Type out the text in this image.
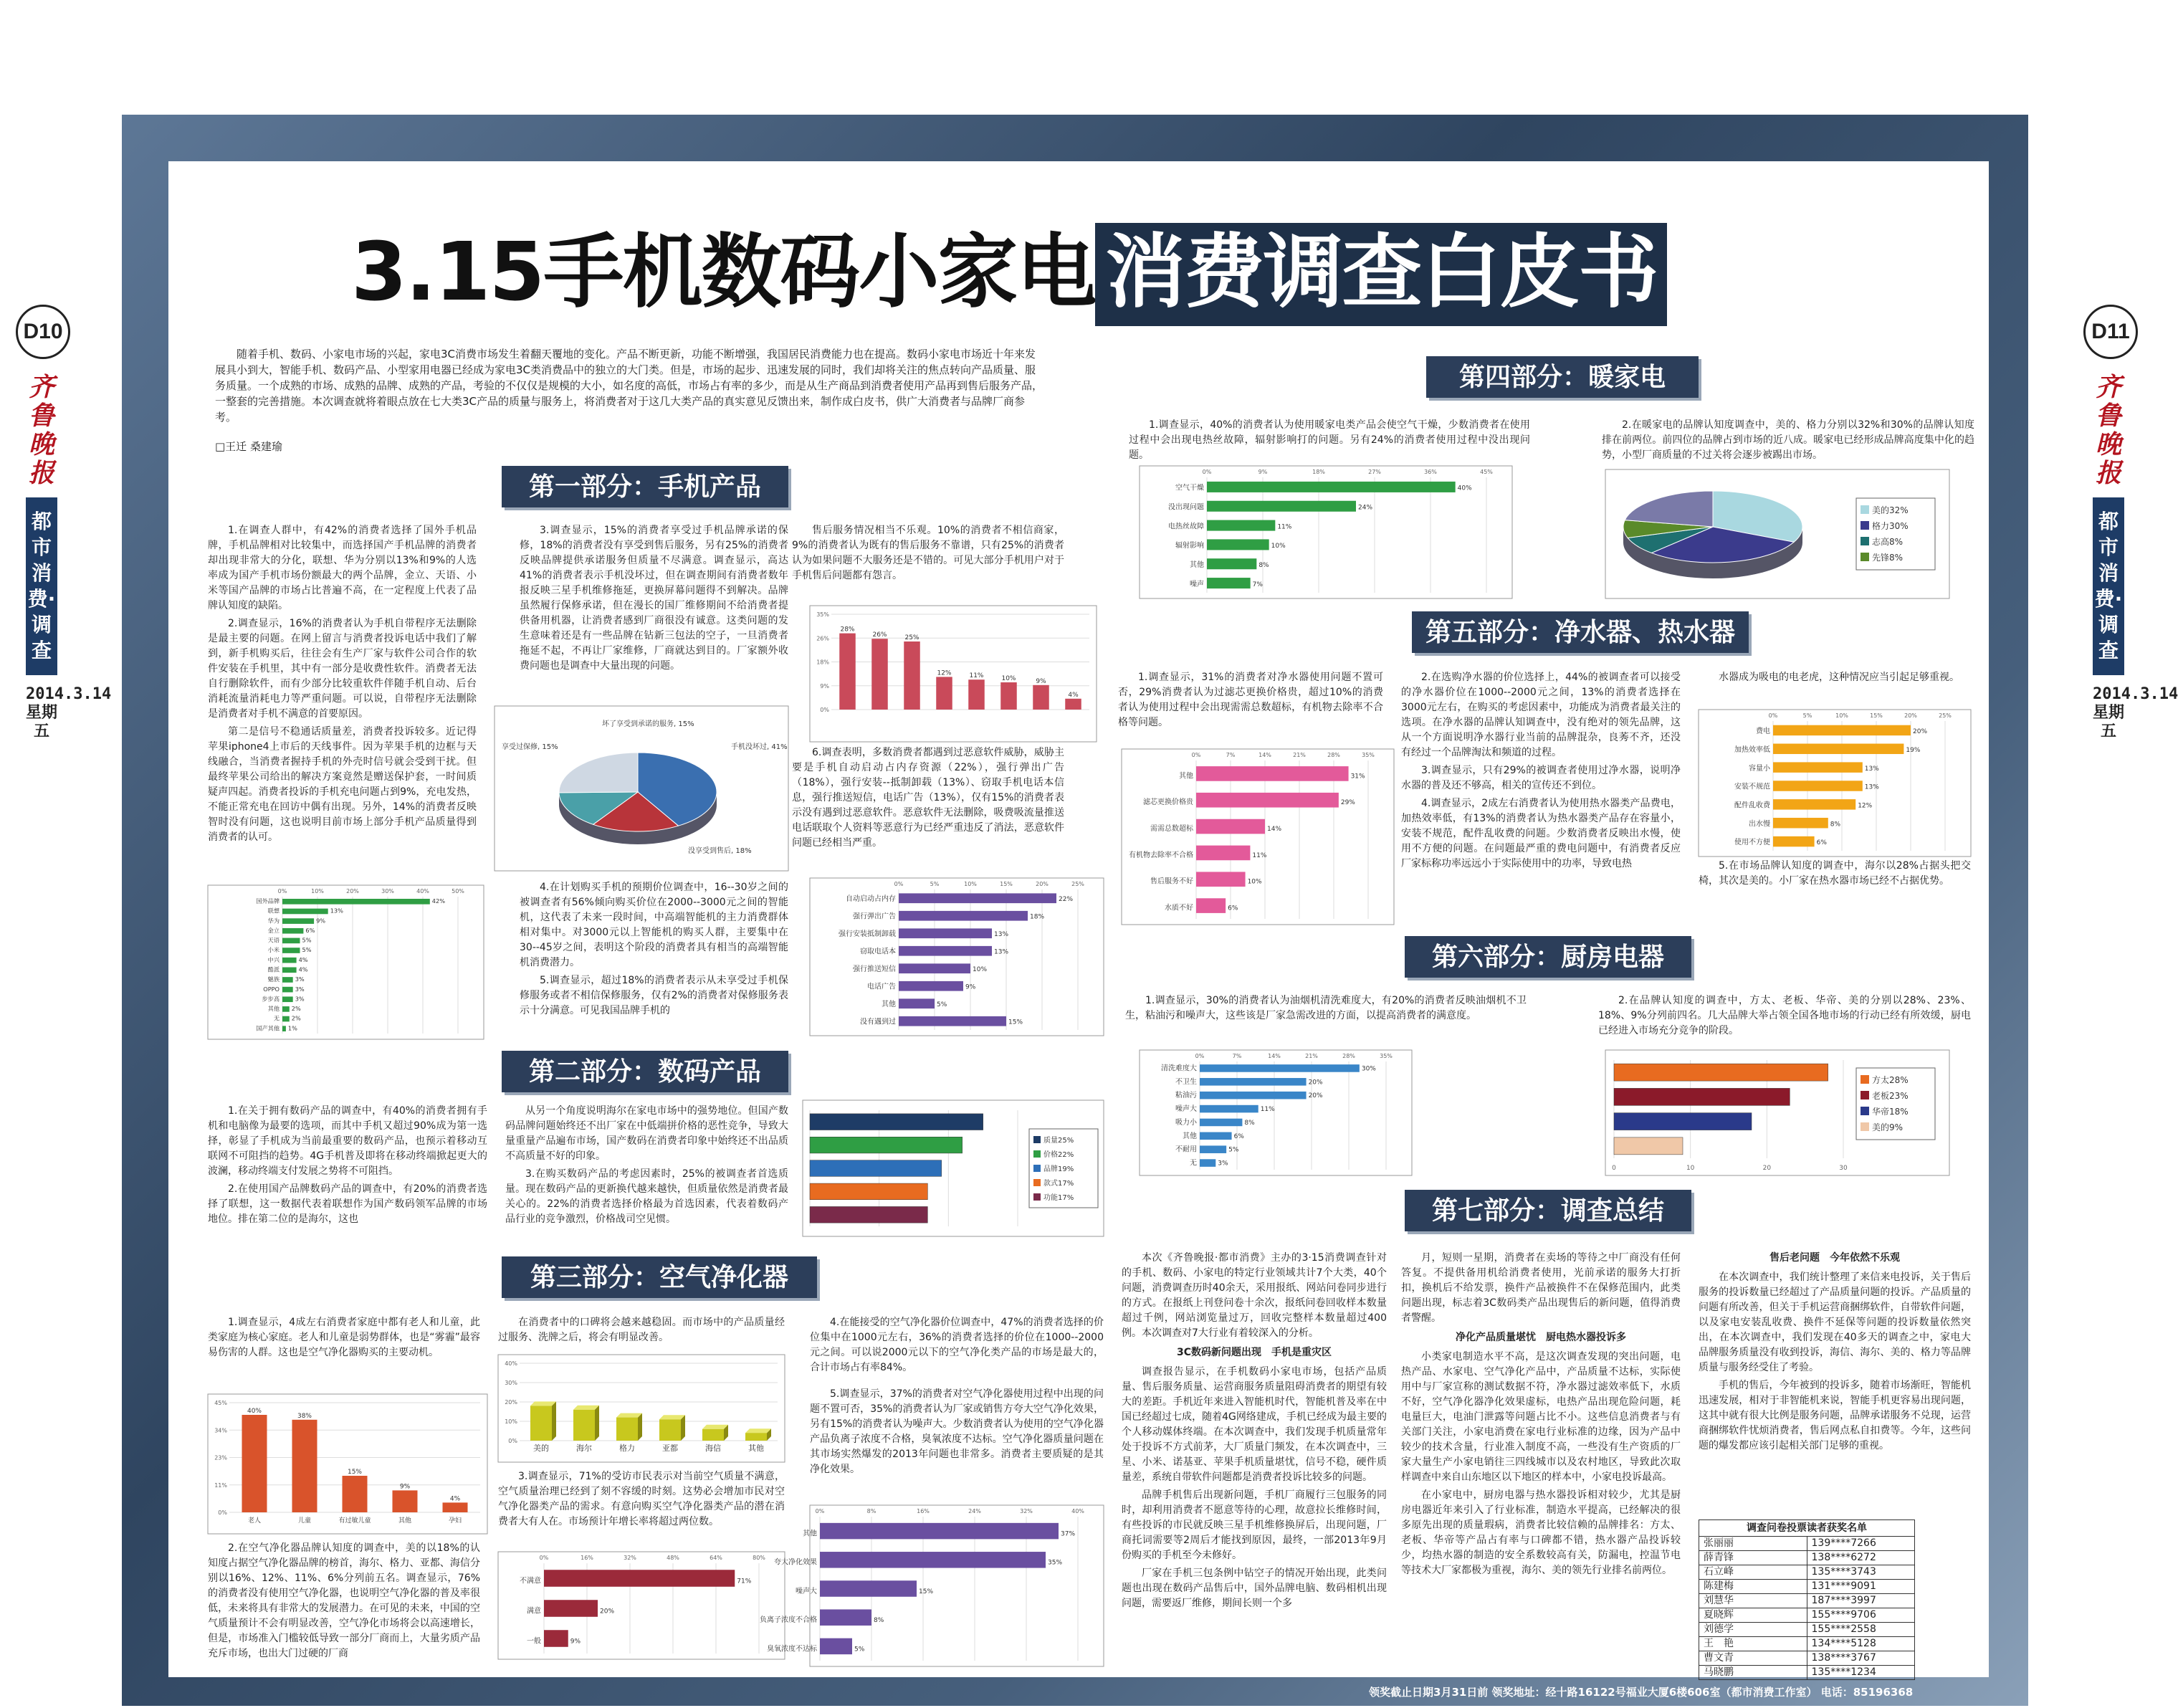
D10
齐鲁晚报
都市消费·调查
2014.3.14 星期五
D11
齐鲁晚报
都市消费·调查
2014.3.14 星期五
3.15手机数码小家电 消费调查白皮书
随着手机、数码、小家电市场的兴起，家电3C消费市场发生着翻天覆地的变化。产品不断更新，功能不断增强，我国居民消费能力也在提高。数码小家电市场近十年来发展具小到大，智能手机、数码产品、小型家用电器已经成为家电3C类消费品中的独立的大门类。但是，市场的起步、迅速发展的同时，我们却将关注的焦点转向产品质量、服务质量。一个成熟的市场、成熟的品牌、成熟的产品，考验的不仅仅是规模的大小，如名度的高低，市场占有率的多少，而是从生产商品到消费者使用产品再到售后服务产品，一整套的完善措施。本次调查就将着眼点放在七大类3C产品的质量与服务上，将消费者对于这几大类产品的真实意见反馈出来，制作成白皮书，供广大消费者与品牌厂商参考。
□王迁 桑建瑜
第一部分：手机产品
第二部分：数码产品
第三部分：空气净化器
第四部分：暖家电
第五部分：净水器、热水器
第六部分：厨房电器
第七部分：调查总结

1.在调查人群中，有42%的消费者选择了国外手机品牌，手机品牌相对比较集中，而选择国产手机品牌的消费者却出现非常大的分化，联想、华为分别以13%和9%的人选率成为国产手机市场份额最大的两个品牌，金立、天语、小米等国产品牌的市场占比普遍不高，在一定程度上代表了品牌认知度的缺陷。

2.调查显示，16%的消费者认为手机自带程序无法删除是最主要的问题。在网上留言与消费者投诉电话中我们了解到，新手机购买后，往往会有生产厂家与软件公司合作的软件安装在手机里，其中有一部分是收费性软件。消费者无法自行删除软件，而有少部分比较重软件伴随手机自动、后台消耗流量消耗电力等严重问题。可以说，自带程序无法删除是消费者对手机不满意的首要原因。

第二是信号不稳通话质量差，消费者投诉较多。近记得苹果iphone4上市后的天线事件。因为苹果手机的边框与天线融合，当消费者握持手机的外壳时信号就会受到干扰。但最终苹果公司给出的解决方案竟然是赠送保护套，一时间质疑声四起。消费者投诉的手机充电问题占到9%，充电发热，不能正常充电在回访中偶有出现。另外，14%的消费者反映智时没有问题，这也说明目前市场上部分手机产品质量得到消费者的认可。

3.调查显示，15%的消费者享受过手机品牌承诺的保修，18%的消费者没有享受到售后服务，另有25%的消费者反映品牌提供承诺服务但质量不尽满意。调查显示，高达41%的消费者表示手机没坏过，但在调查期间有消费者数年报反映三星手机维修拖延，更换屏幕问题得不到解决。品牌虽然履行保修承诺，但在漫长的国厂维修期间不给消费者提供备用机器，让消费者感到厂商很没有诚意。这类问题的发生意味着还是有一些品牌在钻新三包法的空子，一旦消费者拖延不起，不再让厂家维修，厂商就达到目的。厂家额外收费问题也是调查中大量出现的问题。

4.在计划购买手机的预期价位调查中，16--30岁之间的被调查者有56%倾向购买价位在2000--3000元之间的智能机，这代表了未来一段时间，中高端智能机的主力消费群体相对集中。对3000元以上智能机的购买人群，主要集中在30--45岁之间，表明这个阶段的消费者具有相当的高端智能机消费潜力。

5.调查显示，超过18%的消费者表示从未享受过手机保修服务或者不相信保修服务，仅有2%的消费者对保修服务表示十分满意。可见我国品牌手机的

售后服务情况相当不乐观。10%的消费者不相信商家，9%的消费者认为既有的售后服务不靠谱，只有25%的消费者认为如果问题不大服务还是不错的。可见大部分手机用户对于手机售后问题都有怨言。

6.调查表明，多数消费者都遇到过恶意软件威胁，威胁主要是手机自动启动占内存资源（22%），强行弹出广告（18%），强行安装--抵制卸载（13%）、窃取手机电话本信息，强行推送短信，电话广告（13%），仅有15%的消费者表示没有遇到过恶意软件。恶意软件无法删除，吸费吸流量推送电话联取个人资料等恶意行为已经严重违反了消法，恶意软件问题已经相当严重。

1.在关于拥有数码产品的调查中，有40%的消费者拥有手机和电脑像为最要的选项，而其中手机又超过90%成为第一选择，彰显了手机成为当前最重要的数码产品，也预示着移动互联网不可阻挡的趋势。4G手机普及即将在移动终端掀起更大的波澜，移动终端支付发展之势将不可阻挡。

2.在使用国产品牌数码产品的调查中，有20%的消费者选择了联想，这一数据代表着联想作为国产数码领军品牌的市场地位。排在第二位的是海尔，这也

从另一个角度说明海尔在家电市场中的强势地位。但国产数码品牌问题始终还不出厂家在中低端拼价格的恶性竞争，导致大量重量产品遍布市场，国产数码在消费者印象中始终还不出品质不高质量不好的印象。

3.在购买数码产品的考虑因素时，25%的被调查者首选质量。现在数码产品的更新换代越来越快，但质量依然是消费者最关心的。22%的消费者选择价格最为首选因素，代表着数码产品行业的竞争激烈，价格战司空见惯。

1.调查显示，4成左右消费者家庭中都有老人和儿童，此类家庭为核心家庭。老人和儿童是弱势群体，也是“雾霾”最容易伤害的人群。这也是空气净化器购买的主要动机。

2.在空气净化器品牌认知度的调查中，美的以18%的认知度占据空气净化器品牌的榜首，海尔、格力、亚都、海信分别以16%、12%、11%、6%分列前五名。调查显示，76%的消费者没有使用空气净化器，也说明空气净化器的普及率很低，未来将具有非常大的发展潜力。在可见的未来，中国的空气质量预计不会有明显改善，空气净化市场将会以高速增长，但是，市场准入门槛较低导致一部分厂商而上，大量劣质产品充斥市场，也出大门过硬的厂商

在消费者中的口碑将会越来越稳固。而市场中的产品质量经过服务、洗牌之后，将会有明显改善。

3.调查显示，71%的受访市民表示对当前空气质量不满意，空气质量治理已经到了刻不容缓的时刻。这势必会增加市民对空气净化器类产品的需求。有意向购买空气净化器类产品的潜在消费者大有人在。市场预计年增长率将超过两位数。

4.在能接受的空气净化器价位调查中，47%的消费者选择的价位集中在1000元左右，36%的消费者选择的价位在1000--2000元之间。可以说2000元以下的空气净化类产品的市场是最大的，合计市场占有率84%。

5.调查显示，37%的消费者对空气净化器使用过程中出现的问题不置可否，35%的消费者认为厂家或销售方夸大空气净化效果，另有15%的消费者认为噪声大。少数消费者认为使用的空气净化器产品负离子浓度不合格，臭氧浓度不达标。空气净化器质量问题在其市场实然爆发的2013年问题也非常多。消费者主要质疑的是其净化效果。

1.调查显示，40%的消费者认为使用暖家电类产品会使空气干燥，少数消费者在使用过程中会出现电热丝故障，辐射影响打的问题。另有24%的消费者使用过程中没出现问题。

2.在暖家电的品牌认知度调查中，美的、格力分别以32%和30%的品牌认知度排在前两位。前四位的品牌占到市场的近八成。暖家电已经形成品牌高度集中化的趋势，小型厂商质量的不过关将会逐步被踢出市场。

1.调查显示，31%的消费者对净水器使用问题不置可否，29%消费者认为过滤芯更换价格贵，超过10%的消费者认为使用过程中会出现需需总数超标，有机物去除率不合格等问题。

2.在选购净水器的价位选择上，44%的被调查者可以接受的净水器价位在1000--2000元之间，13%的消费者选择在3000元左右，在购买的考虑因素中，功能成为消费者最关注的选项。在净水器的品牌认知调查中，没有绝对的领先品牌，这从一个方面说明净水器行业当前的品牌混杂，良莠不齐，还没有经过一个品牌淘汰和频道的过程。

3.调查显示，只有29%的被调查者使用过净水器，说明净水器的普及还不够高，相关的宣传还不到位。

4.调查显示，2成左右消费者认为使用热水器类产品费电，加热效率低，有13%的消费者认为热水器类产品存在容量小，安装不规范，配件乱收费的问题。少数消费者反映出水慢，使用不方便的问题。在问题最严重的费电问题中，有消费者反应厂家标称功率远远小于实际使用中的功率，导致电热

水器成为吸电的电老虎，这种情况应当引起足够重视。

5.在市场品牌认知度的调查中，海尔以28%占据头把交椅，其次是美的。小厂家在热水器市场已经不占据优势。

1.调查显示，30%的消费者认为油烟机清洗难度大，有20%的消费者反映油烟机不卫生，粘油污和噪声大，这些该是厂家急需改进的方面，以提高消费者的满意度。

2.在品牌认知度的调查中，方太、老板、华帝、美的分别以28%、23%、18%、9%分列前四名。几大品牌大举占领全国各地市场的行动已经有所效缓，厨电已经进入市场充分竞争的阶段。

本次《齐鲁晚报·都市消费》主办的3·15消费调查针对的手机、数码、小家电的特定行业领域共计7个大类，40个问题，消费调查历时40余天，采用报纸、网站问卷同步进行的方式。在报纸上刊登问卷十余次，报纸问卷回收样本数量超过千例，网站浏览量过万，回收完整样本数量超过400例。本次调查对7大行业有着较深入的分析。

3C数码新问题出现　手机是重灾区

调查报告显示，在手机数码小家电市场，包括产品质量、售后服务质量、运营商服务质量阻碍消费者的期望有较大的差距。手机近年来进入智能机时代，智能机普及率在中国已经超过七成，随着4G网络建成，手机已经成为最主要的个人移动媒体终端。在本次调查中，我们发现手机质量常年处于投诉不方式前茅，大厂质量门频发，在本次调查中，三星、小米、诺基亚、苹果手机质量堪忧，信号不稳，硬件质量差，系统自带软件问题都是消费者投诉比较多的问题。

品牌手机售后出现新问题，手机厂商履行三包服务的同时，却利用消费者不愿意等待的心理，故意拉长维修时间，有些投诉的市民就反映三星手机维修换屏后，出现问题，厂商托词需要等2周后才能找到原因，最终，一部2013年9月份购买的手机至今未修好。

厂家在手机三包条例中钻空子的情况开始出现，此类问题也出现在数码产品售后中，国外品牌电脑、数码相机出现问题，需要返厂维修，期间长则一个多

月，短则一星期，消费者在卖场的等待之中厂商没有任何答复。不提供备用机给消费者使用，光前承诺的服务大打折扣，换机后不给发票，换件产品被换件不在保修范围内，此类问题出现，标志着3C数码类产品出现售后的新问题，值得消费者警醒。

净化产品质量堪忧　厨电热水器投诉多

小类家电制造水平不高，是这次调查发现的突出问题，电热产品、水家电、空气净化产品中，产品质量不达标，实际使用中与厂家宣称的测试数据不符，净水器过滤效率低下，水质不好，空气净化器净化效果虚标，电热产品出现危险问题，耗电量巨大，电油门泄露等问题占比不小。这些信息消费者与有关部门关注，小家电消费在家电行业标准的边缘，因为产品中较少的技术含量，行业准入制度不高，一些没有生产资质的厂家大量生产小家电销往三四线城市以及农村地区，导致此次取样调查中来自山东地区以下地区的样本中，小家电投诉最高。

在小家电中，厨房电器与热水器投诉相对较少，尤其是厨房电器近年来引入了行业标准，制造水平提高，已经解决的很多原先出现的质量瑕病，消费者比较信赖的品牌排名：方太、老板、华帝等产品占有率与口碑都不错，热水器产品投诉较少，均热水器的制造的安全系数较高有关，防漏电，控温节电等技术大厂家都极为重视，海尔、美的领先行业排名前两位。

售后老问题　今年依然不乐观

在本次调查中，我们统计整理了来信来电投诉，关于售后服务的投诉数量已经超过了产品质量问题的投诉。产品质量的问题有所改善，但关于手机运营商捆绑软件，自带软件问题，以及家电安装乱收费、换件不延保等问题的投诉数量依然突出，在本次调查中，我们发现在40多天的调查之中，家电大品牌服务质量没有收到投诉，海信、海尔、美的、格力等品牌质量与服务经受住了考验。

手机的售后，今年被到的投诉多，随着市场渐旺，智能机迅速发展，相对于非智能机来说，智能手机更容易出现问题，这其中就有很大比例是服务问题，品牌承诺服务不兑现，运营商捆绑软件忧烦消费者，售后网点私自扣费等。今年，这些问题的爆发都应该引起相关部门足够的重视。

调查问卷投票读者获奖名单
张丽丽	139****7266
薛青锋	138****6272
石立峰	135****3743
陈建梅	131****9091
刘慧华	187****3997
夏晓辉	155****9706
刘德学	155****2558
王　艳	134****5128
曹文青	138****3767
马晓鹏	135****1234
领奖截止日期3月31日前 领奖地址：经十路16122号福业大厦6楼606室（都市消费工作室） 电话：85196368
0%	10%	20%	30%	40%	50%
国外品牌	42%
联想	13%
华为	9%
金立	6%
天语	5%
小米	5%
中兴	4%
酷派	4%
魅族	3%
OPPO	3%
步步高	3%
其他 2%
无 2%
国产其他 1%
手机没坏过, 41%
没享受到售后, 18%
享受过保修, 15%
坏了享受到承诺的服务, 15%
0%
9%
18%
26%
35%
28%
26%	25%
12%	11%	10%	9%
4%
0%	5%	10%	15%	20%	25%
自动启动占内存	22%
强行弹出广告	18%
强行安装抵制卸载	13%
窃取电话本	13%
强行推送短信	10%
电话广告	9%
其他	5%
没有遇到过	15%
质量25%
价格22%
品牌19%
款式17%
功能17%
0%
10%
20%
30%
40%
美的	海尔	格力	亚都	海信	其他
0%
11%
23%
34%
45%
40%
老人
38%
儿童
15%
有过敏儿童
9%
其他
4%
孕妇
0%	16%	32%	48%	64%	80%
不满意	71%
满意	20%
一般	9%
0%	8%	16%	24%	32%	40%
其他	37%
夸大净化效果	35%
噪声大	15%
负离子浓度不合格	8%
臭氧浓度不达标	5%
0%	9%	18%	27%	36%	45%
空气干燥	40%
没出现问题	24%
电热丝故障	11%
辐射影响	10%
其他	8%
噪声	7%
美的32%
格力30%
志高8%
先锋8%
0%	7%	14%	21%	28%	35%
其他	31%
滤芯更换价格贵	29%
需需总数超标	14%
有机物去除率不合格	11%
售后服务不好	10%
水质不好	6%
0%	5%	10%	15%	20%	25%
费电	20%
加热效率低	19%
容量小	13%
安装不规范	13%
配件乱收费	12%
出水慢	8%
使用不方便	6%
0%	7%	14%	21%	28%	35%
清洗难度大	30%
不卫生	20%
粘油污	20%
噪声大	11%
吸力小	8%
其他	6%
不耐用	5%
无	3%
0	10	20	30
方太28%
老板23%
华帝18%
美的9%
